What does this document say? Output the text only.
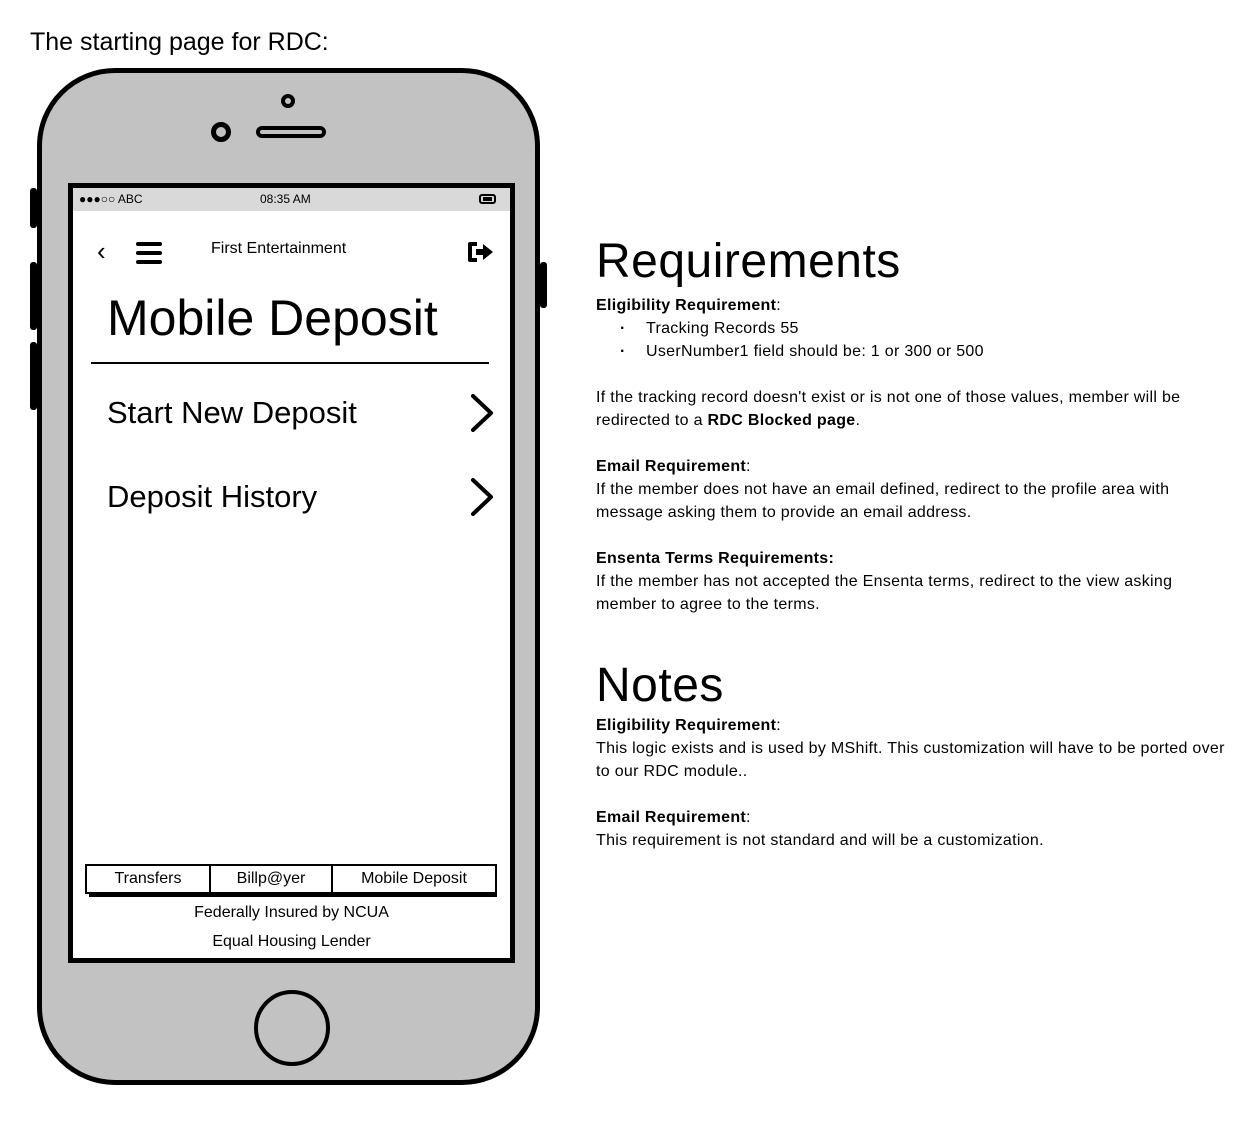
The starting page for RDC:
●●●○○ ABC	08:35 AM
‹	First Entertainment
Mobile Deposit
Start New Deposit
Deposit History
Transfers	Billp@yer	Mobile Deposit
Federally Insured by NCUA
Equal Housing Lender
Requirements

Eligibility Requirement:

· Tracking Records 55
· UserNumber1 field should be: 1 or 300 or 500

If the tracking record doesn't exist or is not one of those values, member will be redirected to a RDC Blocked page.

Email Requirement:

If the member does not have an email defined, redirect to the profile area with message asking them to provide an email address.

Ensenta Terms Requirements:

If the member has not accepted the Ensenta terms, redirect to the view asking member to agree to the terms.

Notes

Eligibility Requirement:

This logic exists and is used by MShift. This customization will have to be ported over to our RDC module..

Email Requirement:

This requirement is not standard and will be a customization.
